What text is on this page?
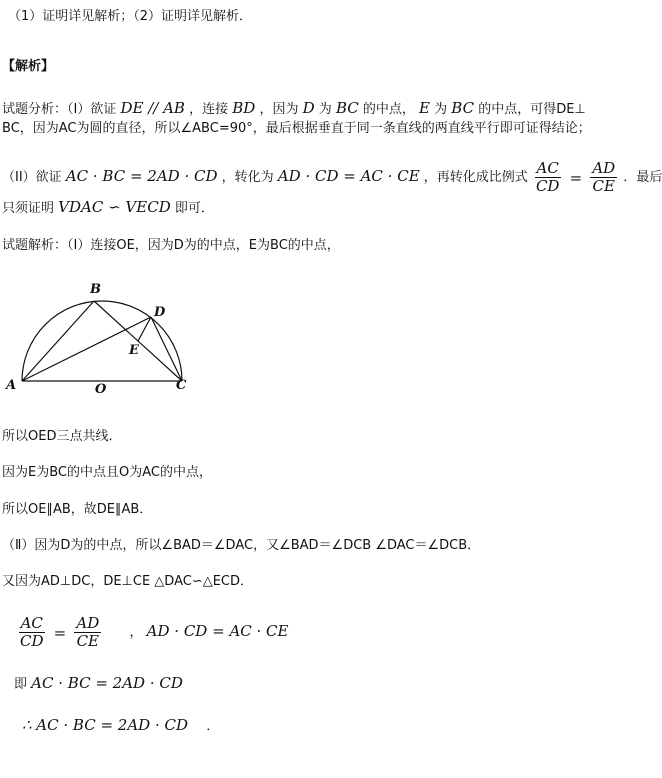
（1）证明详见解析；（2）证明详见解析．
【解析】
试题分析：（I）欲证 DE // AB ，连接 BD ，因为 D 为 BC 的中点， E 为 BC 的中点，可得DE⊥
BC，因为AC为圆的直径，所以∠ABC=90°，最后根据垂直于同一条直线的两直线平行即可证得结论；
（II）欲证 AC · BC = 2AD · CD ，转化为 AD · CD = AC · CE ，再转化成比例式 $\frac{AC}{CD} = \frac{AD}{CE}$ ．最后
只须证明 VDAC ∽ VECD 即可．
试题解析：（Ⅰ）连接OE，因为D为的中点，E为BC的中点，
B
D
E
A	O	C
所以OED三点共线．
因为E为BC的中点且O为AC的中点，
所以OE∥AB，故DE∥AB．
（Ⅱ）因为D为的中点，所以∠BAD＝∠DAC，又∠BAD＝∠DCB ∠DAC＝∠DCB．
又因为AD⊥DC，DE⊥CE △DAC∽△ECD．
$\frac{AC}{CD} = \frac{AD}{CE}$ ， AD · CD = AC · CE
即 AC · BC = 2AD · CD
∴ AC · BC = 2AD · CD ．
